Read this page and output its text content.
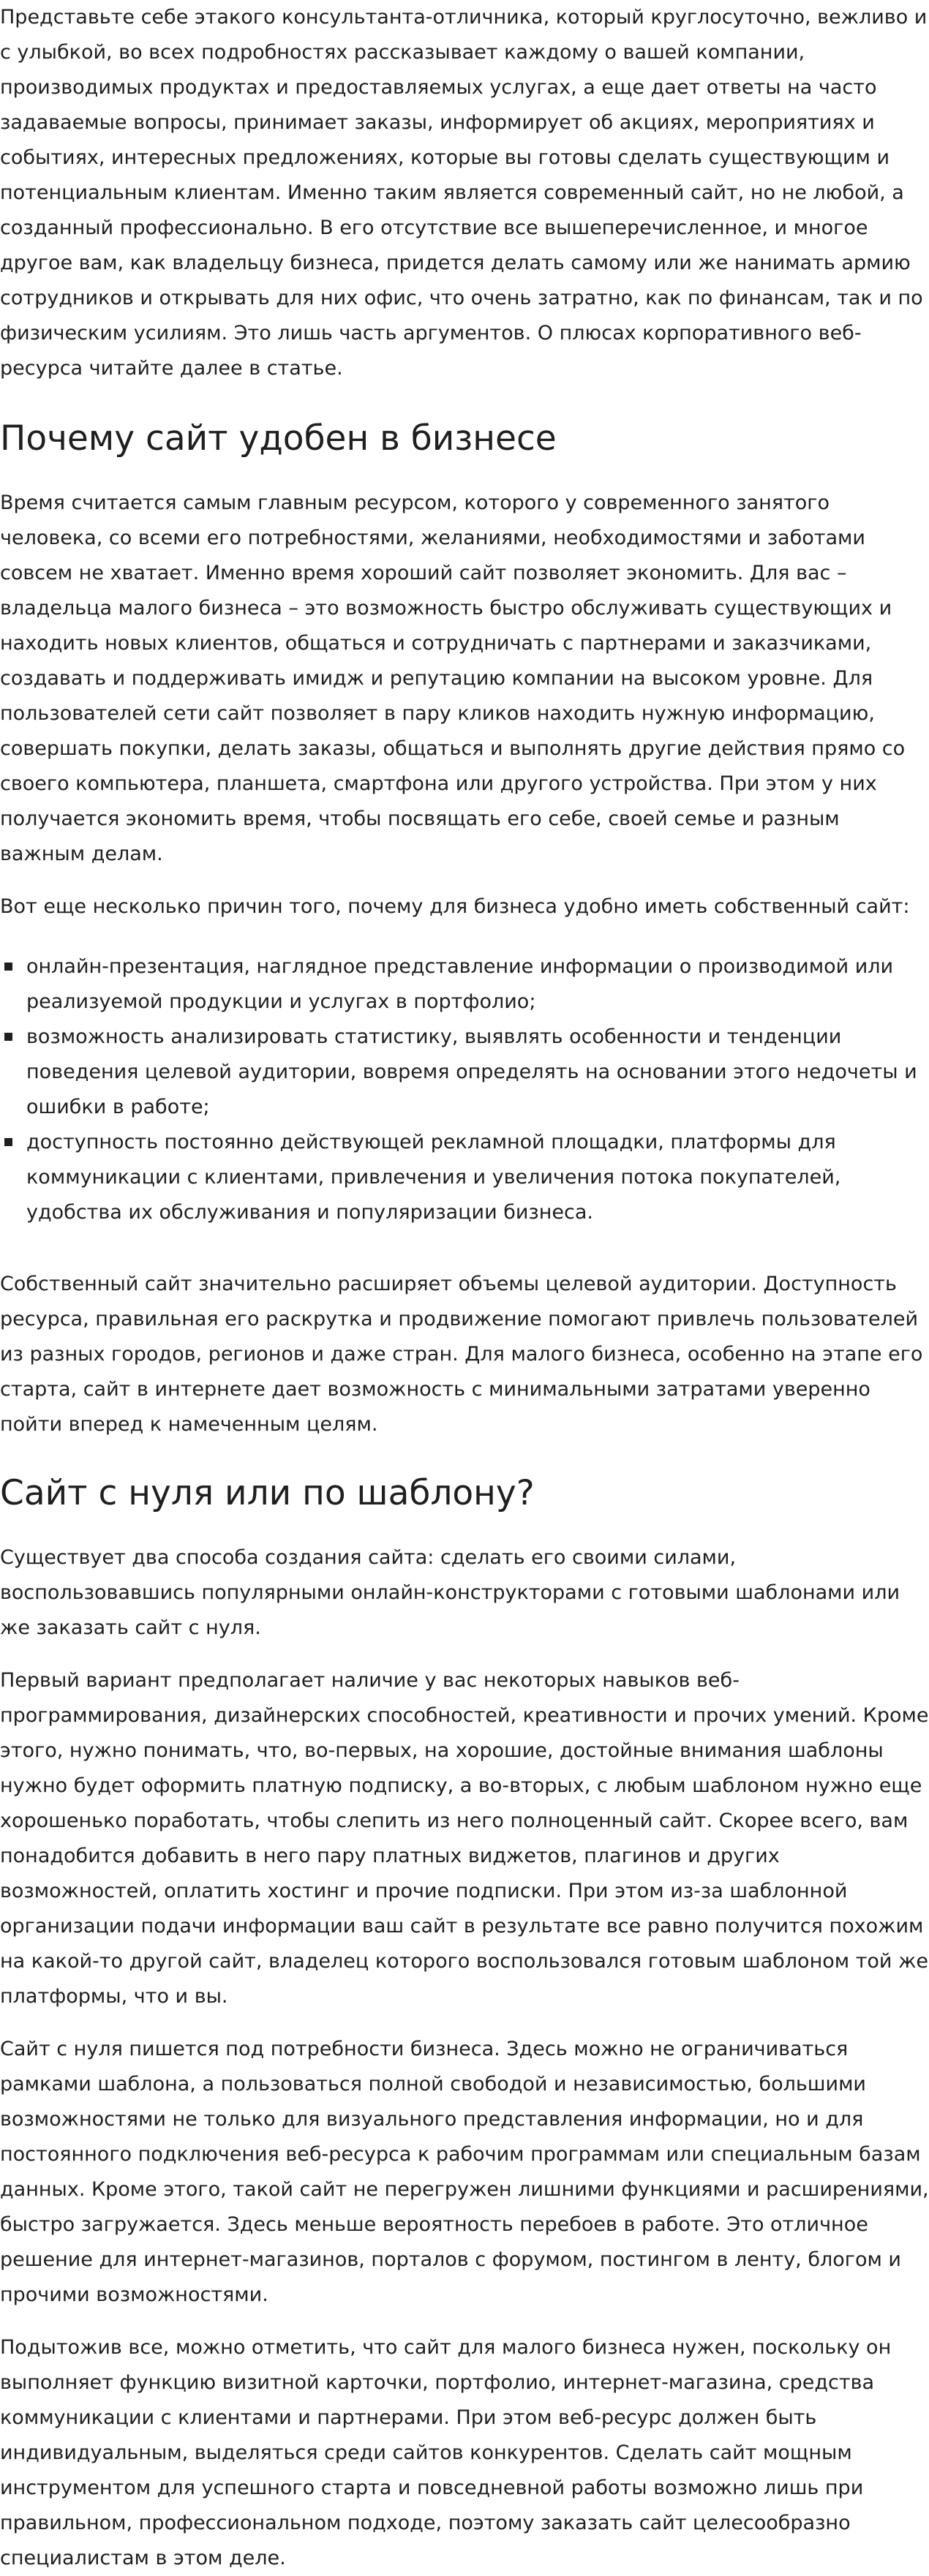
Представьте себе этакого консультанта-отличника, который круглосуточно, вежливо и с улыбкой, во всех подробностях рассказывает каждому о вашей компании, производимых продуктах и предоставляемых услугах, а еще дает ответы на часто задаваемые вопросы, принимает заказы, информирует об акциях, мероприятиях и событиях, интересных предложениях, которые вы готовы сделать существующим и потенциальным клиентам. Именно таким является современный сайт, но не любой, а созданный профессионально. В его отсутствие все вышеперечисленное, и многое другое вам, как владельцу бизнеса, придется делать самому или же нанимать армию сотрудников и открывать для них офис, что очень затратно, как по финансам, так и по физическим усилиям. Это лишь часть аргументов. О плюсах корпоративного веб-ресурса читайте далее в статье.

Почему сайт удобен в бизнесе

Время считается самым главным ресурсом, которого у современного занятого человека, со всеми его потребностями, желаниями, необходимостями и заботами совсем не хватает. Именно время хороший сайт позволяет экономить. Для вас – владельца малого бизнеса – это возможность быстро обслуживать существующих и находить новых клиентов, общаться и сотрудничать с партнерами и заказчиками, создавать и поддерживать имидж и репутацию компании на высоком уровне. Для пользователей сети сайт позволяет в пару кликов находить нужную информацию, совершать покупки, делать заказы, общаться и выполнять другие действия прямо со своего компьютера, планшета, смартфона или другого устройства. При этом у них получается экономить время, чтобы посвящать его себе, своей семье и разным важным делам.

Вот еще несколько причин того, почему для бизнеса удобно иметь собственный сайт:

онлайн-презентация, наглядное представление информации о производимой или реализуемой продукции и услугах в портфолио;
возможность анализировать статистику, выявлять особенности и тенденции поведения целевой аудитории, вовремя определять на основании этого недочеты и ошибки в работе;
доступность постоянно действующей рекламной площадки, платформы для коммуникации с клиентами, привлечения и увеличения потока покупателей, удобства их обслуживания и популяризации бизнеса.

Собственный сайт значительно расширяет объемы целевой аудитории. Доступность ресурса, правильная его раскрутка и продвижение помогают привлечь пользователей из разных городов, регионов и даже стран. Для малого бизнеса, особенно на этапе его старта, сайт в интернете дает возможность с минимальными затратами уверенно пойти вперед к намеченным целям.

Сайт с нуля или по шаблону?

Существует два способа создания сайта: сделать его своими силами, воспользовавшись популярными онлайн-конструкторами с готовыми шаблонами или же заказать сайт с нуля.

Первый вариант предполагает наличие у вас некоторых навыков веб-программирования, дизайнерских способностей, креативности и прочих умений. Кроме этого, нужно понимать, что, во-первых, на хорошие, достойные внимания шаблоны нужно будет оформить платную подписку, а во-вторых, с любым шаблоном нужно еще хорошенько поработать, чтобы слепить из него полноценный сайт. Скорее всего, вам понадобится добавить в него пару платных виджетов, плагинов и других возможностей, оплатить хостинг и прочие подписки. При этом из-за шаблонной организации подачи информации ваш сайт в результате все равно получится похожим на какой-то другой сайт, владелец которого воспользовался готовым шаблоном той же платформы, что и вы.

Сайт с нуля пишется под потребности бизнеса. Здесь можно не ограничиваться рамками шаблона, а пользоваться полной свободой и независимостью, большими возможностями не только для визуального представления информации, но и для постоянного подключения веб-ресурса к рабочим программам или специальным базам данных. Кроме этого, такой сайт не перегружен лишними функциями и расширениями, быстро загружается. Здесь меньше вероятность перебоев в работе. Это отличное решение для интернет-магазинов, порталов с форумом, постингом в ленту, блогом и прочими возможностями.

Подытожив все, можно отметить, что сайт для малого бизнеса нужен, поскольку он выполняет функцию визитной карточки, портфолио, интернет-магазина, средства коммуникации с клиентами и партнерами. При этом веб-ресурс должен быть индивидуальным, выделяться среди сайтов конкурентов. Сделать сайт мощным инструментом для успешного старта и повседневной работы возможно лишь при правильном, профессиональном подходе, поэтому заказать сайт целесообразно специалистам в этом деле.
